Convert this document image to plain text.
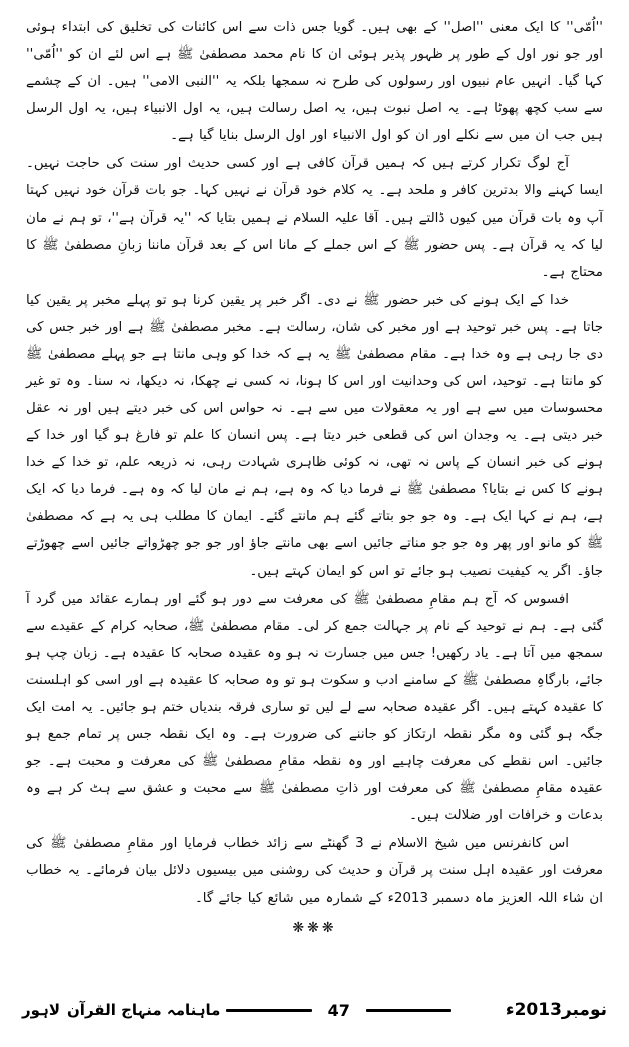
''اُمّی'' کا ایک معنی ''اصل'' کے بھی ہیں۔ گویا جس ذات سے اس کائنات کی تخلیق کی ابتداء ہوئی اور جو نور اول کے طور پر ظہور پذیر ہوئی ان کا نام محمد مصطفیٰ ﷺ ہے اس لئے ان کو ''اُمّی'' کہا گیا۔ انہیں عام نبیوں اور رسولوں کی طرح نہ سمجھا بلکہ یہ ''النبی الامی'' ہیں۔ ان کے چشمے سے سب کچھ پھوٹا ہے۔ یہ اصل نبوت ہیں، یہ اصل رسالت ہیں، یہ اول الانبیاء ہیں، یہ اول الرسل ہیں جب ان میں سے نکلے اور ان کو اول الانبیاء اور اول الرسل بنایا گیا ہے۔

آج لوگ تکرار کرتے ہیں کہ ہمیں قرآن کافی ہے اور کسی حدیث اور سنت کی حاجت نہیں۔ ایسا کہنے والا بدترین کافر و ملحد ہے۔ یہ کلام خود قرآن نے نہیں کہا۔ جو بات قرآن خود نہیں کہتا آپ وہ بات قرآن میں کیوں ڈالتے ہیں۔ آقا علیہ السلام نے ہمیں بتایا کہ ''یہ قرآن ہے''، تو ہم نے مان لیا کہ یہ قرآن ہے۔ پس حضور ﷺ کے اس جملے کے مانا اس کے بعد قرآن ماننا زبانِ مصطفیٰ ﷺ کا محتاج ہے۔

خدا کے ایک ہونے کی خبر حضور ﷺ نے دی۔ اگر خبر پر یقین کرنا ہو تو پہلے مخبر پر یقین کیا جاتا ہے۔ پس خبر توحید ہے اور مخبر کی شان، رسالت ہے۔ مخبر مصطفیٰ ﷺ ہے اور خبر جس کی دی جا رہی ہے وہ خدا ہے۔ مقام مصطفیٰ ﷺ یہ ہے کہ خدا کو وہی مانتا ہے جو پہلے مصطفیٰ ﷺ کو مانتا ہے۔ توحید، اس کی وحدانیت اور اس کا ہونا، نہ کسی نے چھکا، نہ دیکھا، نہ سنا۔ وہ تو غیر محسوسات میں سے ہے اور یہ معقولات میں سے ہے۔ نہ حواس اس کی خبر دیتے ہیں اور نہ عقل خبر دیتی ہے۔ یہ وجدان اس کی قطعی خبر دیتا ہے۔ پس انسان کا علم تو فارغ ہو گیا اور خدا کے ہونے کی خبر انسان کے پاس نہ تھی، نہ کوئی ظاہری شہادت رہی، نہ ذریعہ علم، تو خدا کے خدا ہونے کا کس نے بتایا؟ مصطفیٰ ﷺ نے فرما دیا کہ وہ ہے، ہم نے مان لیا کہ وہ ہے۔ فرما دیا کہ ایک ہے، ہم نے کہا ایک ہے۔ وہ جو جو بتاتے گئے ہم مانتے گئے۔ ایمان کا مطلب ہی یہ ہے کہ مصطفیٰ ﷺ کو مانو اور پھر وہ جو جو مناتے جائیں اسے بھی مانتے جاؤ اور جو جو چھڑواتے جائیں اسے چھوڑتے جاؤ۔ اگر یہ کیفیت نصیب ہو جائے تو اس کو ایمان کہتے ہیں۔

افسوس کہ آج ہم مقامِ مصطفیٰ ﷺ کی معرفت سے دور ہو گئے اور ہمارے عقائد میں گرد آ گئی ہے۔ ہم نے توحید کے نام پر جہالت جمع کر لی۔ مقام مصطفیٰ ﷺ، صحابہ کرام کے عقیدے سے سمجھ میں آتا ہے۔ یاد رکھیں! جس میں جسارت نہ ہو وہ عقیدہ صحابہ کا عقیدہ ہے۔ زبان چپ ہو جائے، بارگاہِ مصطفیٰ ﷺ کے سامنے ادب و سکوت ہو تو وہ صحابہ کا عقیدہ ہے اور اسی کو اہلسنت کا عقیدہ کہتے ہیں۔ اگر عقیدہ صحابہ سے لے لیں تو ساری فرقہ بندیاں ختم ہو جائیں۔ یہ امت ایک جگہ ہو گئی وہ مگر نقطہ ارتکاز کو جاننے کی ضرورت ہے۔ وہ ایک نقطہ جس پر تمام جمع ہو جائیں۔ اس نقطے کی معرفت چاہیے اور وہ نقطہ مقامِ مصطفیٰ ﷺ کی معرفت و محبت ہے۔ جو عقیدہ مقامِ مصطفیٰ ﷺ کی معرفت اور ذاتِ مصطفیٰ ﷺ سے محبت و عشق سے ہٹ کر ہے وہ بدعات و خرافات اور ضلالت ہیں۔

اس کانفرنس میں شیخ الاسلام نے 3 گھنٹے سے زائد خطاب فرمایا اور مقامِ مصطفیٰ ﷺ کی معرفت اور عقیدہ اہل سنت پر قرآن و حدیث کی روشنی میں بیسیوں دلائل بیان فرمائے۔ یہ خطاب ان شاء اللہ العزیز ماہ دسمبر 2013ء کے شمارہ میں شائع کیا جائے گا۔

❋❋❋
نومبر2013ء
47
ماہنامہ منہاج القرآن
لاہور
